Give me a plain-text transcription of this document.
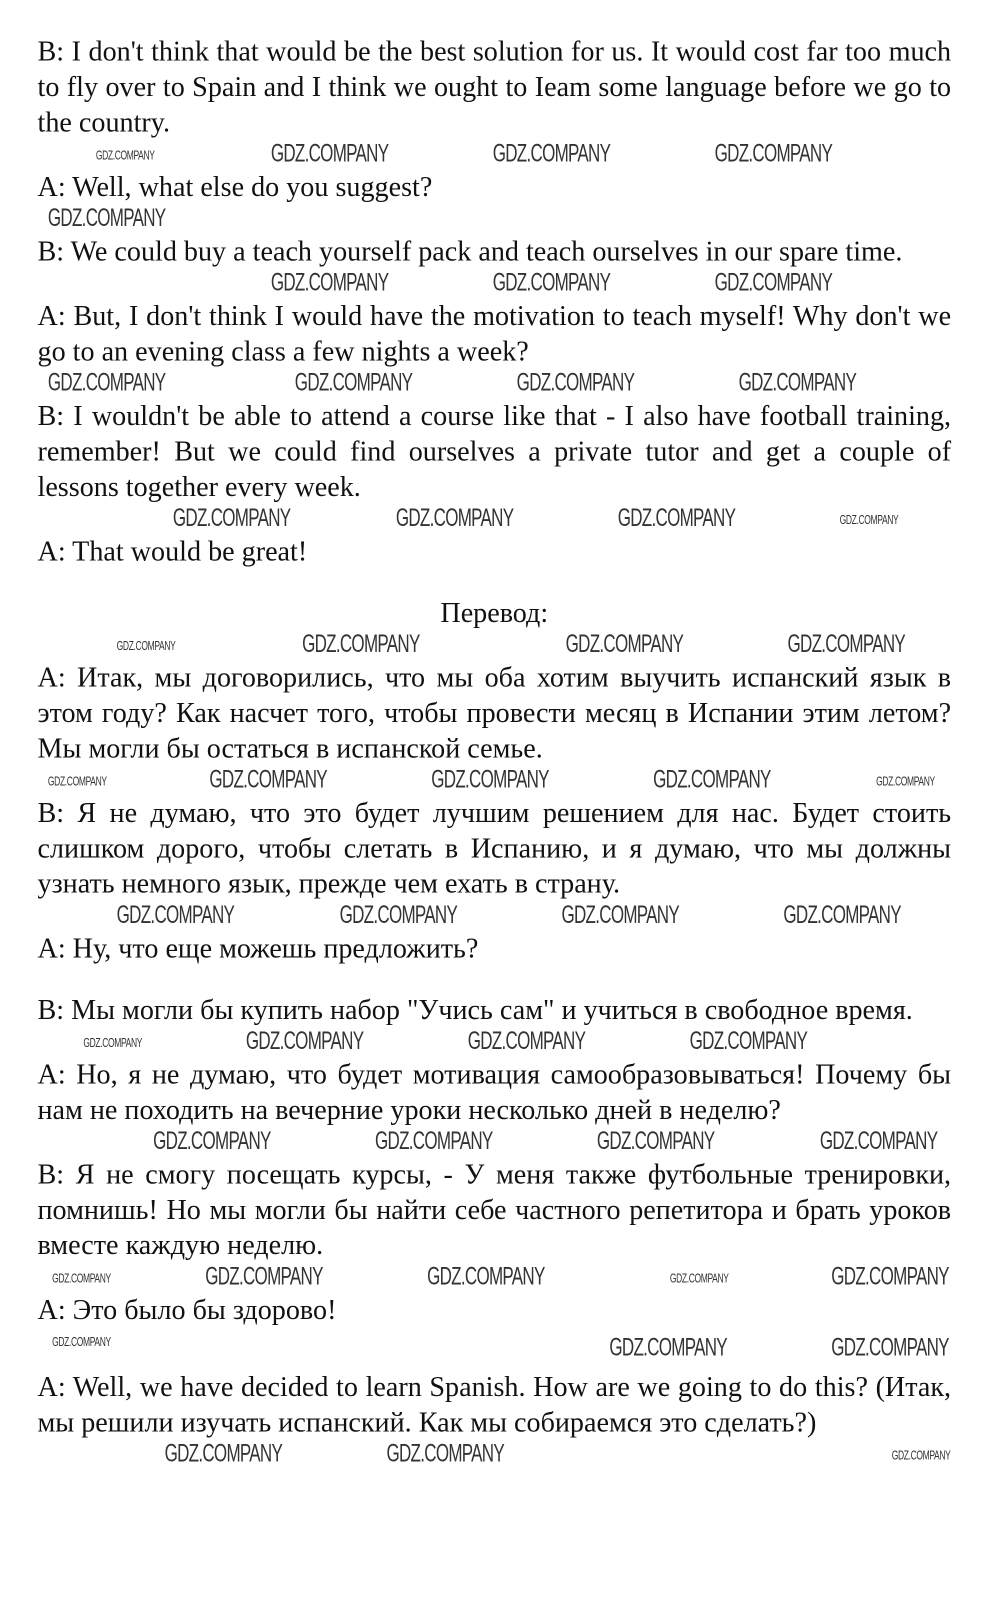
B: I don't think that would be the best solution for us. It would cost far too much to fly over to Spain and I think we ought to Ieam some language before we go to the country.

GDZ.COMPANY	GDZ.COMPANY	GDZ.COMPANY	GDZ.COMPANY

A: Well, what else do you suggest?

GDZ.COMPANY

B: We could buy a teach yourself pack and teach ourselves in our spare time.

GDZ.COMPANY	GDZ.COMPANY	GDZ.COMPANY

A: But, I don't think I would have the motivation to teach myself! Why don't we go to an evening class a few nights a week?

GDZ.COMPANY	GDZ.COMPANY	GDZ.COMPANY	GDZ.COMPANY

B: I wouldn't be able to attend a course like that - I also have football training, remember! But we could find ourselves a private tutor and get a couple of lessons together every week.

GDZ.COMPANY	GDZ.COMPANY	GDZ.COMPANY	GDZ.COMPANY

A: That would be great!

Перевод:

GDZ.COMPANY	GDZ.COMPANY	GDZ.COMPANY	GDZ.COMPANY

A: Итак, мы договорились, что мы оба хотим выучить испанский язык в этом году? Как насчет того, чтобы провести месяц в Испании этим летом? Мы могли бы остаться в испанской семье.

GDZ.COMPANY	GDZ.COMPANY	GDZ.COMPANY	GDZ.COMPANY	GDZ.COMPANY

B: Я не думаю, что это будет лучшим решением для нас. Будет стоить слишком дорого, чтобы слетать в Испанию, и я думаю, что мы должны узнать немного язык, прежде чем ехать в страну.

GDZ.COMPANY	GDZ.COMPANY	GDZ.COMPANY	GDZ.COMPANY

A: Ну, что еще можешь предложить?

B: Мы могли бы купить набор "Учись сам" и учиться в свободное время.

GDZ.COMPANY	GDZ.COMPANY	GDZ.COMPANY	GDZ.COMPANY

A: Но, я не думаю, что будет мотивация самообразовываться! Почему бы нам не походить на вечерние уроки несколько дней в неделю?

GDZ.COMPANY	GDZ.COMPANY	GDZ.COMPANY	GDZ.COMPANY

B: Я не смогу посещать курсы, - У меня также футбольные тренировки, помнишь! Но мы могли бы найти себе частного репетитора и брать уроков вместе каждую неделю.

GDZ.COMPANY	GDZ.COMPANY	GDZ.COMPANY	GDZ.COMPANY	GDZ.COMPANY

A: Это было бы здорово!

GDZ.COMPANY	GDZ.COMPANY	GDZ.COMPANY

A: Well, we have decided to learn Spanish. How are we going to do this? (Итак, мы решили изучать испанский. Как мы собираемся это сделать?)

GDZ.COMPANY	GDZ.COMPANY	GDZ.COMPANY
